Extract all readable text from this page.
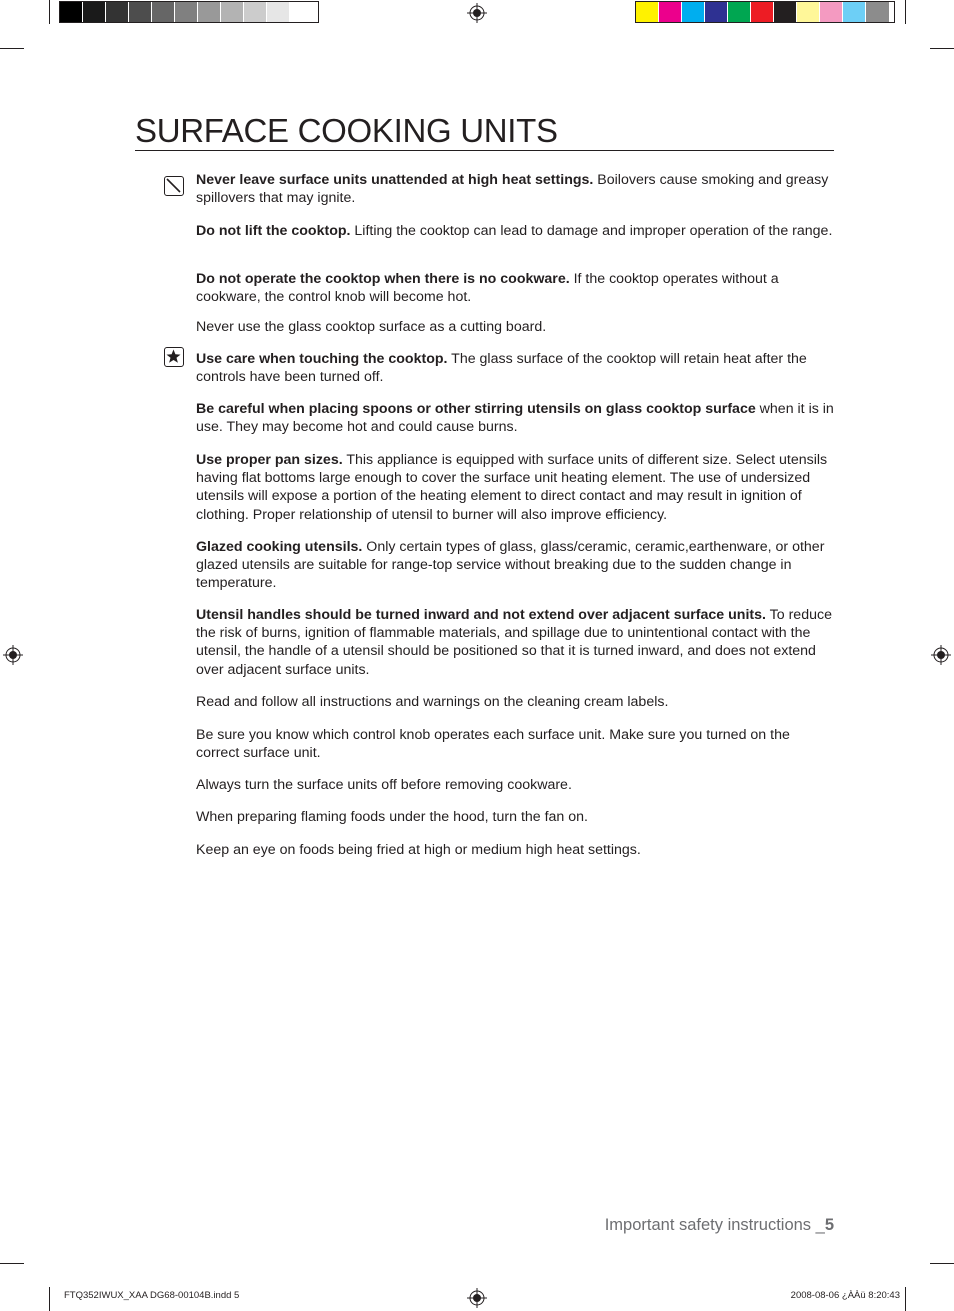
SURFACE COOKING UNITS

Never leave surface units unattended at high heat settings. Boilovers cause smoking and greasy spillovers that may ignite.

Do not lift the cooktop. Lifting the cooktop can lead to damage and improper operation of the range.

Do not operate the cooktop when there is no cookware. If the cooktop operates without a cookware, the control knob will become hot.

Never use the glass cooktop surface as a cutting board.

Use care when touching the cooktop. The glass surface of the cooktop will retain heat after the controls have been turned off.

Be careful when placing spoons or other stirring utensils on glass cooktop surface when it is in use. They may become hot and could cause burns.

Use proper pan sizes. This appliance is equipped with surface units of different size. Select utensils having flat bottoms large enough to cover the surface unit heating element. The use of undersized utensils will expose a portion of the heating element to direct contact and may result in ignition of clothing. Proper relationship of utensil to burner will also improve efficiency.

Glazed cooking utensils. Only certain types of glass, glass/ceramic, ceramic,earthenware, or other glazed utensils are suitable for range-top service without breaking due to the sudden change in temperature.

Utensil handles should be turned inward and not extend over adjacent surface units. To reduce the risk of burns, ignition of flammable materials, and spillage due to unintentional contact with the utensil, the handle of a utensil should be positioned so that it is turned inward, and does not extend over adjacent surface units.

Read and follow all instructions and warnings on the cleaning cream labels.

Be sure you know which control knob operates each surface unit. Make sure you turned on the correct surface unit.

Always turn the surface units off before removing cookware.

When preparing flaming foods under the hood, turn the fan on.

Keep an eye on foods being fried at high or medium high heat settings.

Important safety instructions _5
FTQ352IWUX_XAA DG68-00104B.indd 5	2008-08-06 ¿ÀÀü 8:20:43
